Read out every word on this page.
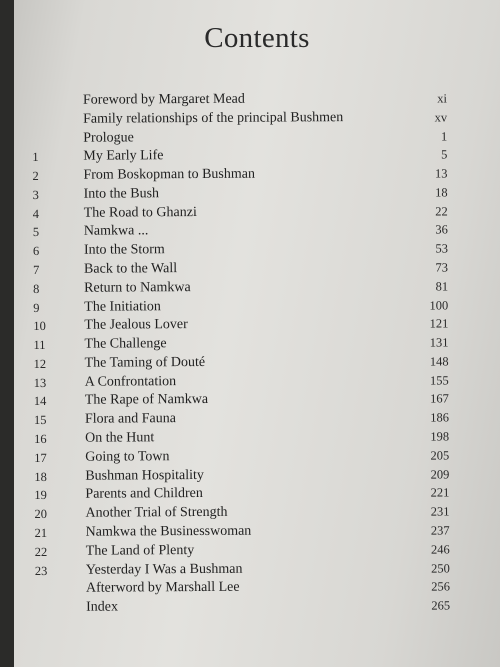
Contents
Foreword by Margaret Mead	xi
Family relationships of the principal Bushmen	xv
Prologue	1
1	My Early Life	5
2	From Boskopman to Bushman	13
3	Into the Bush	18
4	The Road to Ghanzi	22
5	Namkwa ...	36
6	Into the Storm	53
7	Back to the Wall	73
8	Return to Namkwa	81
9	The Initiation	100
10	The Jealous Lover	121
11	The Challenge	131
12	The Taming of Douté	148
13	A Confrontation	155
14	The Rape of Namkwa	167
15	Flora and Fauna	186
16	On the Hunt	198
17	Going to Town	205
18	Bushman Hospitality	209
19	Parents and Children	221
20	Another Trial of Strength	231
21	Namkwa the Businesswoman	237
22	The Land of Plenty	246
23	Yesterday I Was a Bushman	250
Afterword by Marshall Lee	256
Index	265
